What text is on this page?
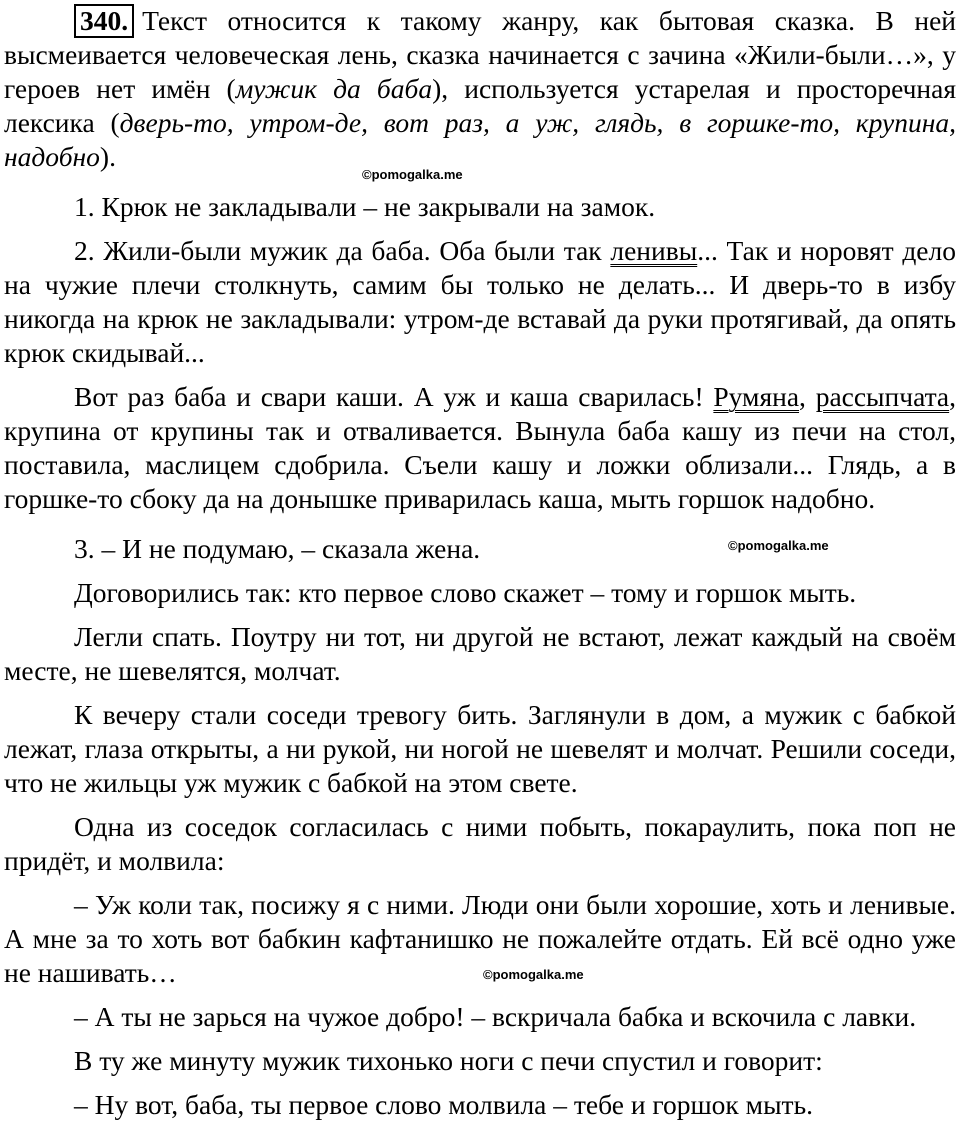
340. Текст относится к такому жанру, как бытовая сказка. В ней высмеивается человеческая лень, сказка начинается с зачина «Жили-были…», у героев нет имён (мужик да баба), используется устарелая и просторечная лексика (дверь-то, утром-де, вот раз, а уж, глядь, в горшке-то, крупина, надобно).

1. Крюк не закладывали – не закрывали на замок.

2. Жили-были мужик да баба. Оба были так ленивы... Так и норовят дело на чужие плечи столкнуть, самим бы только не делать... И дверь-то в избу никогда на крюк не закладывали: утром-де вставай да руки протягивай, да опять крюк скидывай...

Вот раз баба и свари каши. А уж и каша сварилась! Румяна, рассыпчата, крупина от крупины так и отваливается. Вынула баба кашу из печи на стол, поставила, маслицем сдобрила. Съели кашу и ложки облизали... Глядь, а в горшке-то сбоку да на донышке приварилась каша, мыть горшок надобно.

3. – И не подумаю, – сказала жена.

Договорились так: кто первое слово скажет – тому и горшок мыть.

Легли спать. Поутру ни тот, ни другой не встают, лежат каждый на своём месте, не шевелятся, молчат.

К вечеру стали соседи тревогу бить. Заглянули в дом, а мужик с бабкой лежат, глаза открыты, а ни рукой, ни ногой не шевелят и молчат. Решили соседи, что не жильцы уж мужик с бабкой на этом свете.

Одна из соседок согласилась с ними побыть, покараулить, пока поп не придёт, и молвила:

– Уж коли так, посижу я с ними. Люди они были хорошие, хоть и ленивые. А мне за то хоть вот бабкин кафтанишко не пожалейте отдать. Ей всё одно уже не нашивать…

– А ты не зарься на чужое добро! – вскричала бабка и вскочила с лавки.

В ту же минуту мужик тихонько ноги с печи спустил и говорит:

– Ну вот, баба, ты первое слово молвила – тебе и горшок мыть.

©pomogalka.me
©pomogalka.me
©pomogalka.me
